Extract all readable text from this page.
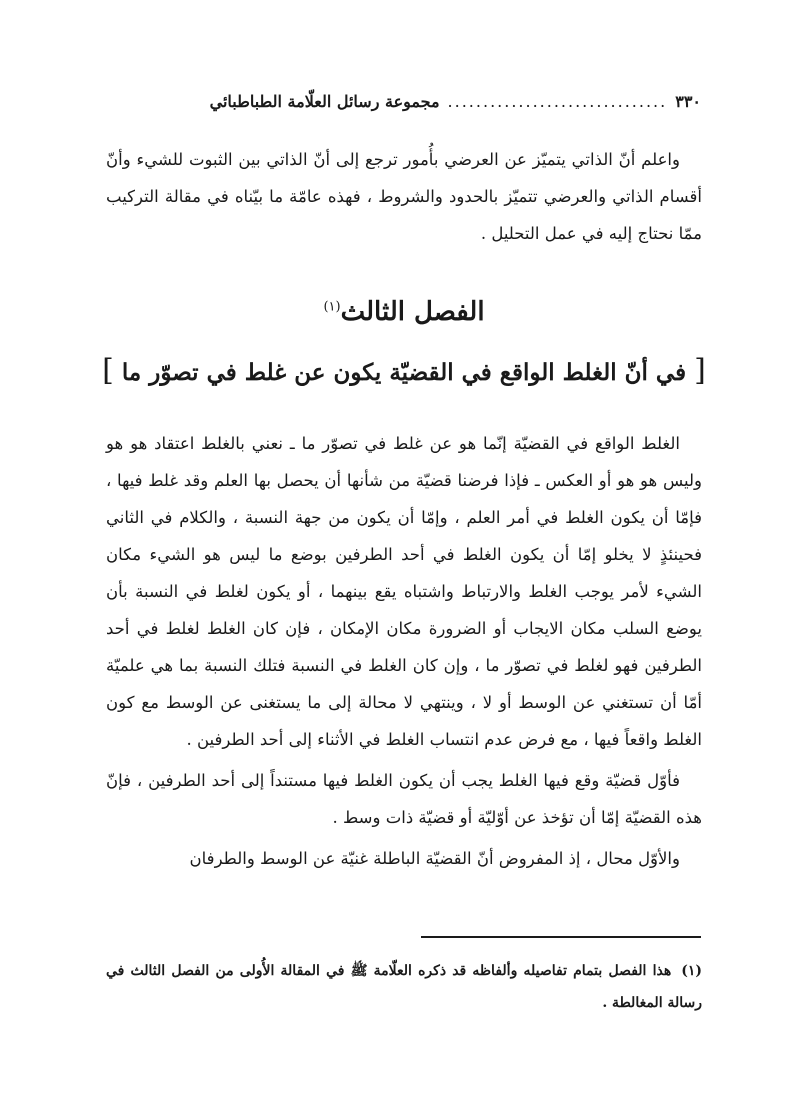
٣٣٠
...............................
مجموعة رسائل العلّامة الطباطبائي

واعلم أنّ الذاتي يتميّز عن العرضي بأُمور ترجع إلى أنّ الذاتي بين الثبوت للشيء وأنّ أقسام الذاتي والعرضي تتميّز بالحدود والشروط ، فهذه عامّة ما بيّناه في مقالة التركيب ممّا نحتاج إليه في عمل التحليل .

الفصل الثالث$^{(١)}$
[ في أنّ الغلط الواقع في القضيّة يكون عن غلط في تصوّر ما ]

الغلط الواقع في القضيّة إنّما هو عن غلط في تصوّر ما ـ نعني بالغلط اعتقاد هو هو وليس هو هو أو العكس ـ فإذا فرضنا قضيّة من شأنها أن يحصل بها العلم وقد غلط فيها ، فإمّا أن يكون الغلط في أمر العلم ، وإمّا أن يكون من جهة النسبة ، والكلام في الثاني فحينئذٍ لا يخلو إمّا أن يكون الغلط في أحد الطرفين بوضع ما ليس هو الشيء مكان الشيء لأمر يوجب الغلط والارتباط واشتباه يقع بينهما ، أو يكون لغلط في النسبة بأن يوضع السلب مكان الايجاب أو الضرورة مكان الإمكان ، فإن كان الغلط لغلط في أحد الطرفين فهو لغلط في تصوّر ما ، وإن كان الغلط في النسبة فتلك النسبة بما هي علميّة أمّا أن تستغني عن الوسط أو لا ، وينتهي لا محالة إلى ما يستغنى عن الوسط مع كون الغلط واقعاً فيها ، مع فرض عدم انتساب الغلط في الأثناء إلى أحد الطرفين .

فأوّل قضيّة وقع فيها الغلط يجب أن يكون الغلط فيها مستنداً إلى أحد الطرفين ، فإنّ هذه القضيّة إمّا أن تؤخذ عن أوّليّة أو قضيّة ذات وسط .

والأوّل محال ، إذ المفروض أنّ القضيّة الباطلة غنيّة عن الوسط والطرفان

(١)هذا الفصل بتمام تفاصيله وألفاظه قد ذكره العلّامة ﷺ في المقالة الأُولى من الفصل الثالث في رسالة المغالطة .
